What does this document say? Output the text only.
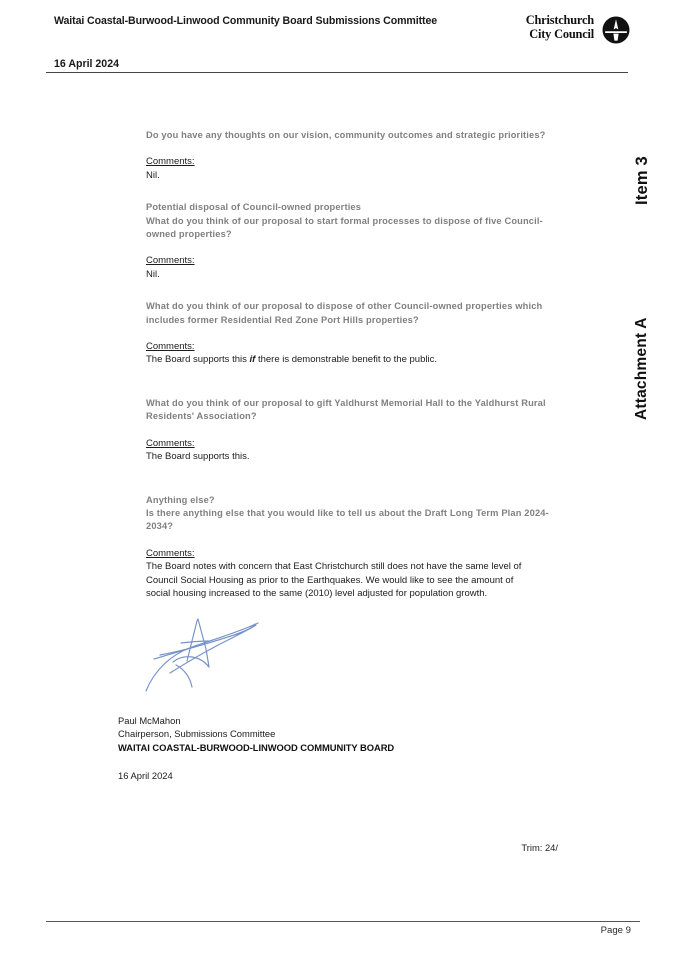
Waitai Coastal-Burwood-Linwood Community Board Submissions Committee
16 April 2024
Christchurch
City Council

Do you have any thoughts on our vision, community outcomes and strategic priorities?

Comments:

Nil.

Potential disposal of Council-owned properties

What do you think of our proposal to start formal processes to dispose of five Council-

owned properties?

Comments:

Nil.

What do you think of our proposal to dispose of other Council-owned properties which

includes former Residential Red Zone Port Hills properties?

Comments:

The Board supports this if there is demonstrable benefit to the public.

What do you think of our proposal to gift Yaldhurst Memorial Hall to the Yaldhurst Rural

Residents' Association?

Comments:

The Board supports this.

Anything else?

Is there anything else that you would like to tell us about the Draft Long Term Plan 2024-

2034?

Comments:

The Board notes with concern that East Christchurch still does not have the same level of

Council Social Housing as prior to the Earthquakes. We would like to see the amount of

social housing increased to the same (2010) level adjusted for population growth.

Paul McMahon

Chairperson, Submissions Committee

WAITAI COASTAL-BURWOOD-LINWOOD COMMUNITY BOARD

16 April 2024
Trim: 24/
Page 9
Item 3
Attachment A
